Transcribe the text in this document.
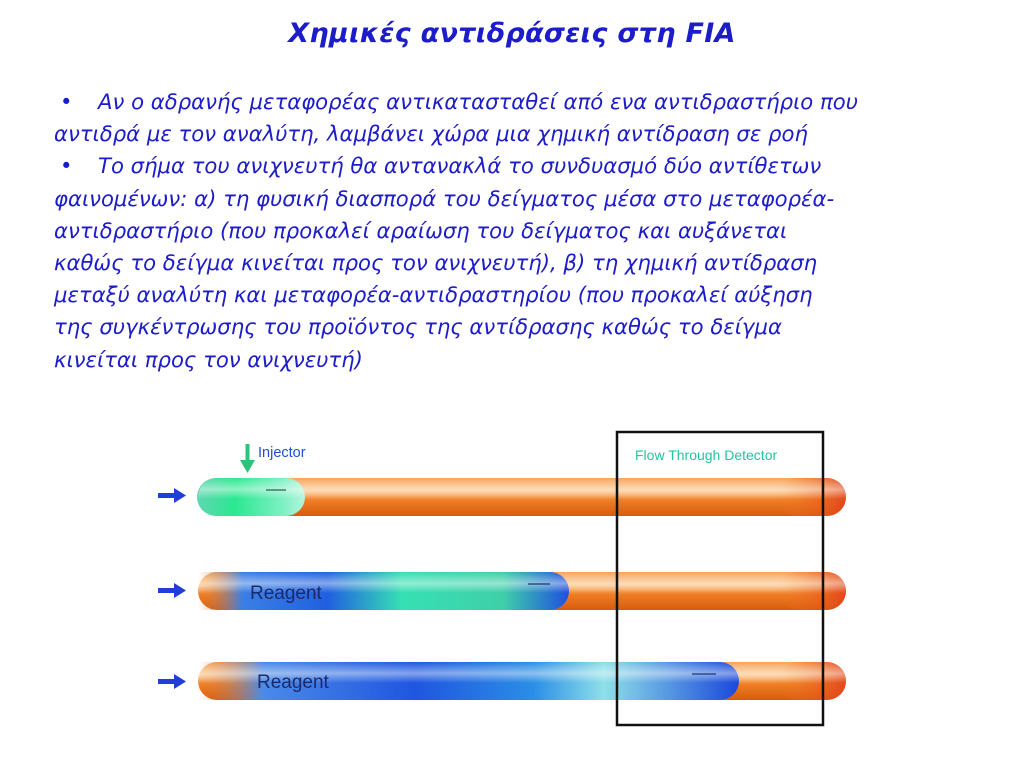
Χημικές αντιδράσεις στη FIA

• Αν ο αδρανής μεταφορέας αντικατασταθεί από ενα αντιδραστήριο που
αντιδρά με τον αναλύτη, λαμβάνει χώρα μια χημική αντίδραση σε ροή

• Το σήμα του ανιχνευτή θα αντανακλά το συνδυασμό δύο αντίθετων
φαινομένων: α) τη φυσική διασπορά του δείγματος μέσα στο μεταφορέα-
αντιδραστήριο (που προκαλεί αραίωση του δείγματος και αυξάνεται
καθώς το δείγμα κινείται προς τον ανιχνευτή), β) τη χημική αντίδραση
μεταξύ αναλύτη και μεταφορέα-αντιδραστηρίου (που προκαλεί αύξηση
της συγκέντρωσης του προϊόντος της αντίδρασης καθώς το δείγμα
κινείται προς τον ανιχνευτή)

Injector	Flow Through Detector
Reagent
Reagent
